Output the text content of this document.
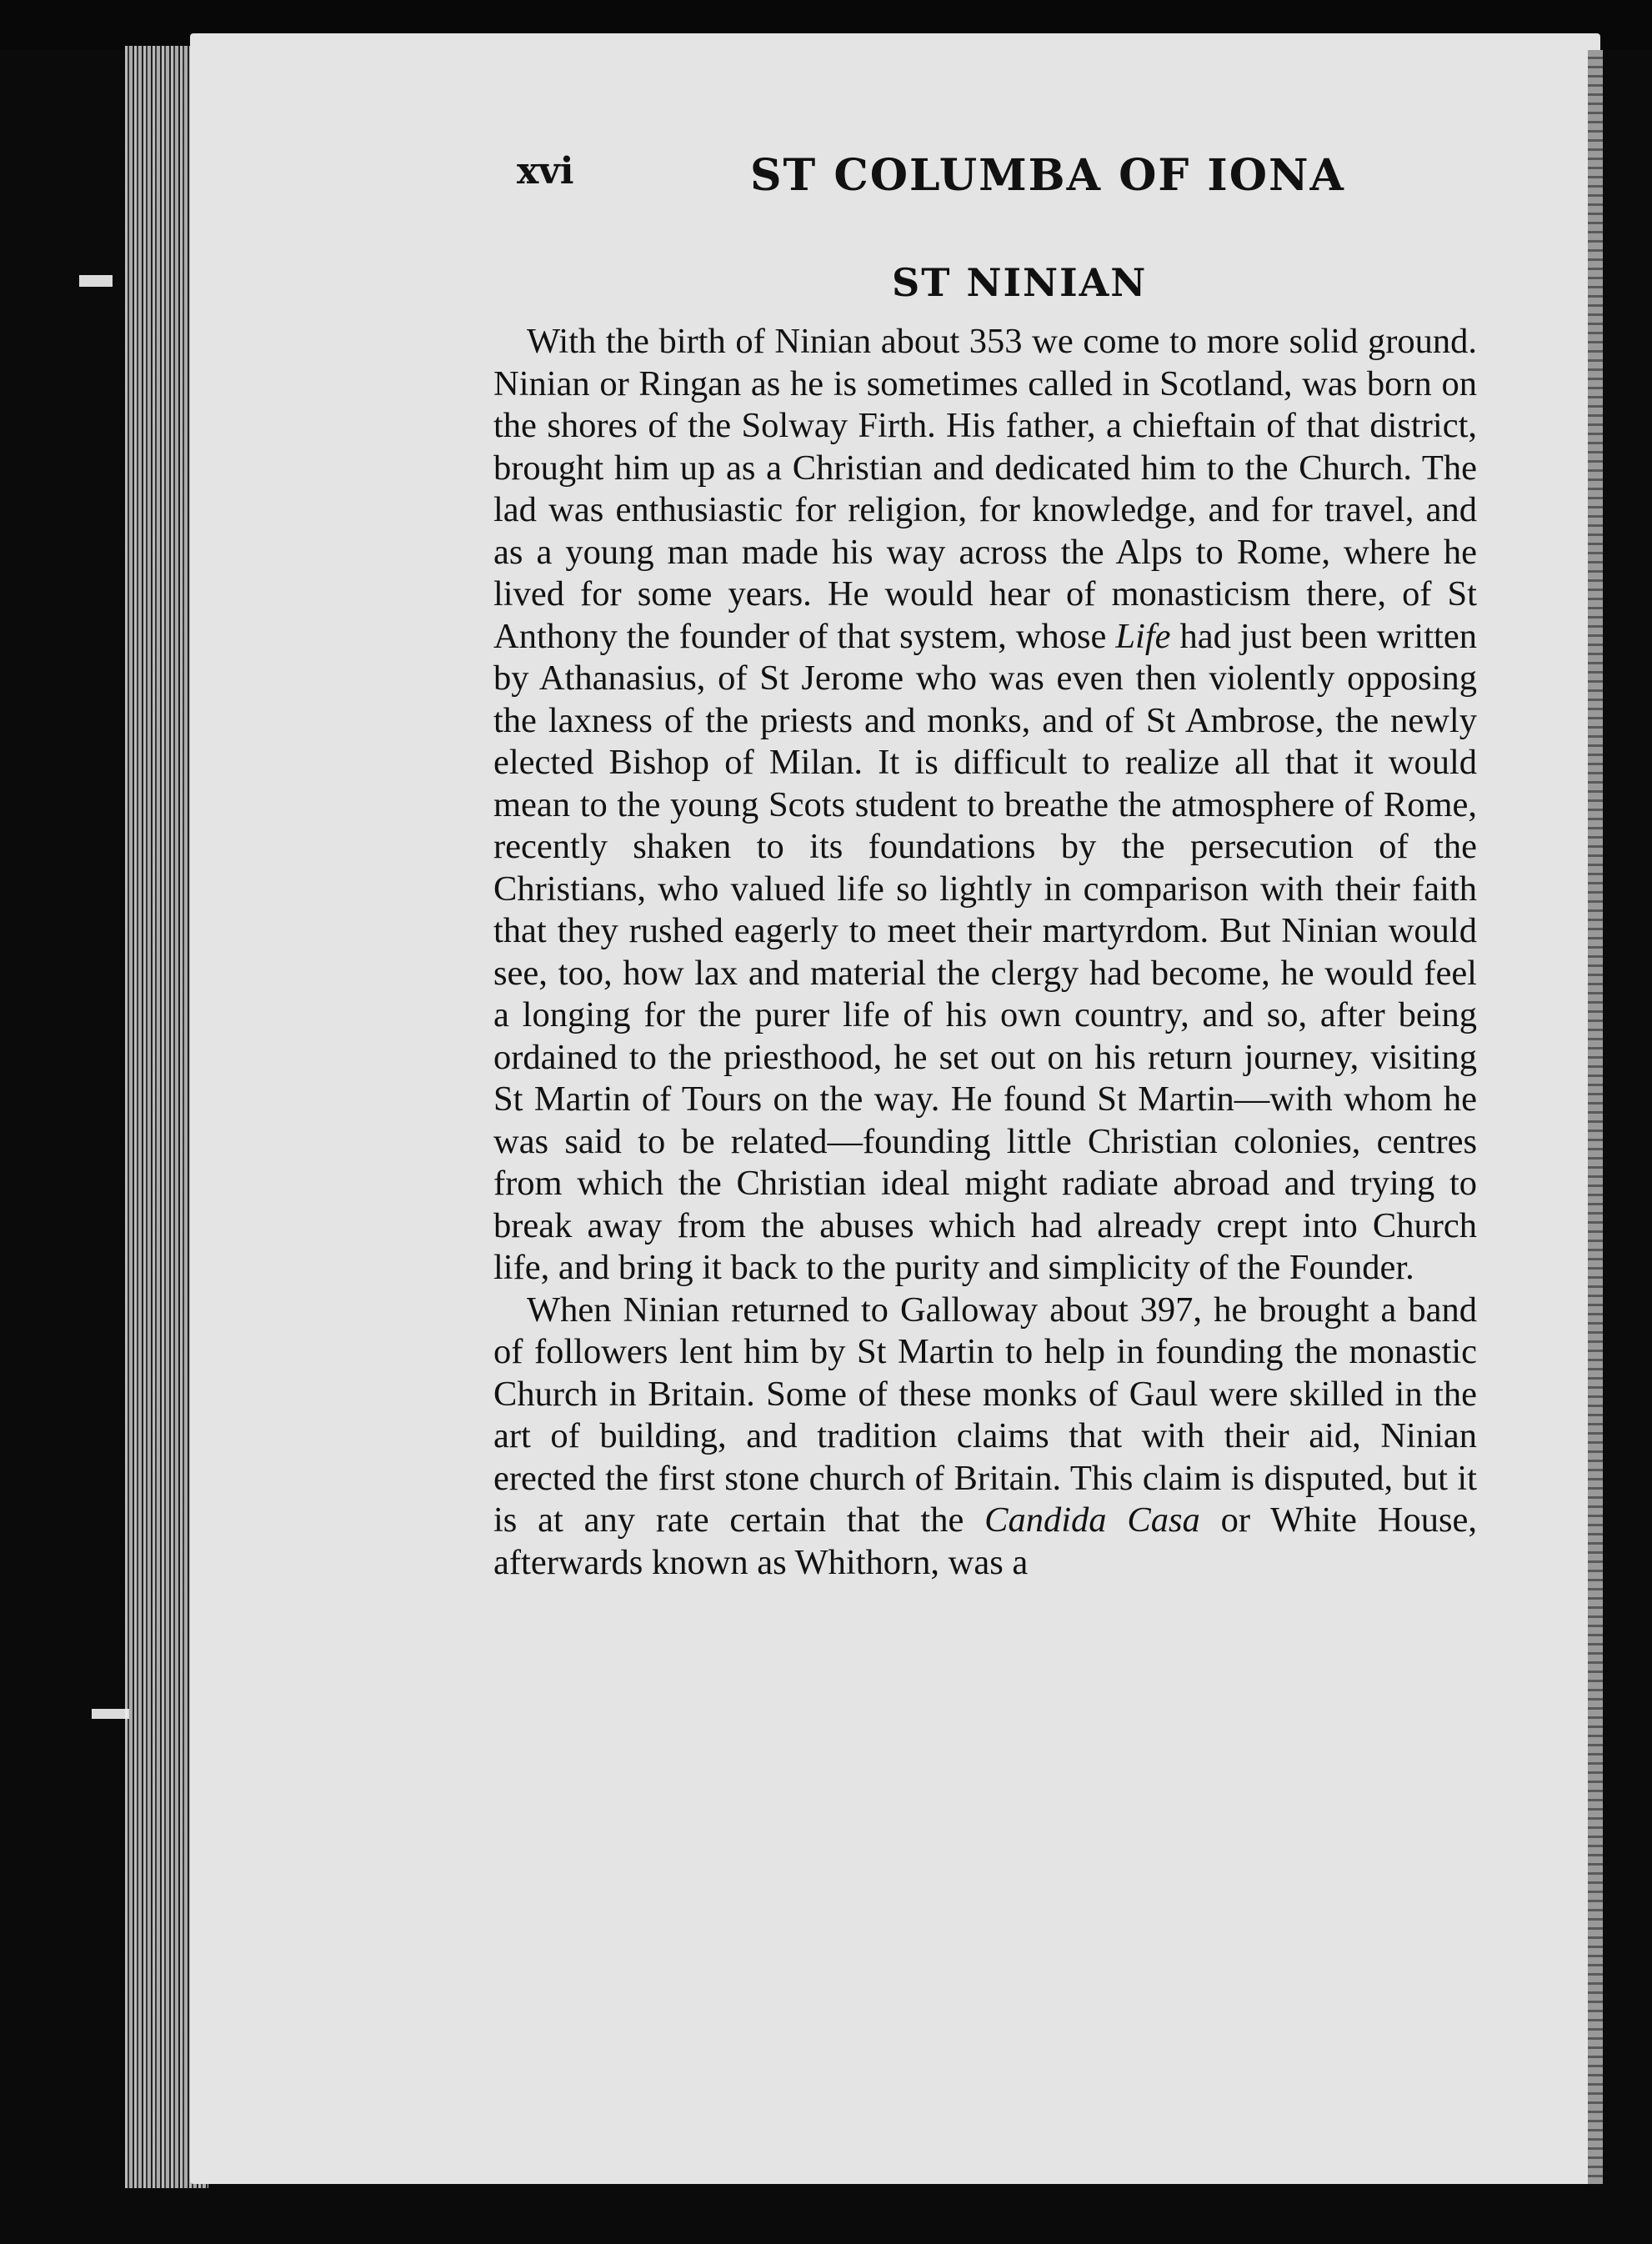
xvi	ST COLUMBA OF IONA
ST NINIAN

With the birth of Ninian about 353 we come to more solid ground. Ninian or Ringan as he is sometimes called in Scotland, was born on the shores of the Solway Firth. His father, a chieftain of that district, brought him up as a Christian and dedicated him to the Church. The lad was enthusiastic for religion, for knowledge, and for travel, and as a young man made his way across the Alps to Rome, where he lived for some years. He would hear of monasticism there, of St Anthony the founder of that system, whose Life had just been written by Athanasius, of St Jerome who was even then violently opposing the laxness of the priests and monks, and of St Ambrose, the newly elected Bishop of Milan. It is difficult to realize all that it would mean to the young Scots student to breathe the atmosphere of Rome, recently shaken to its foundations by the persecution of the Christians, who valued life so lightly in comparison with their faith that they rushed eagerly to meet their martyrdom. But Ninian would see, too, how lax and material the clergy had become, he would feel a longing for the purer life of his own country, and so, after being ordained to the priesthood, he set out on his return journey, visiting St Martin of Tours on the way. He found St Martin—with whom he was said to be related—founding little Christian colonies, centres from which the Christian ideal might radiate abroad and trying to break away from the abuses which had already crept into Church life, and bring it back to the purity and simplicity of the Founder.

When Ninian returned to Galloway about 397, he brought a band of followers lent him by St Martin to help in founding the monastic Church in Britain. Some of these monks of Gaul were skilled in the art of building, and tradition claims that with their aid, Ninian erected the first stone church of Britain. This claim is disputed, but it is at any rate certain that the Candida Casa or White House, afterwards known as Whithorn, was a
